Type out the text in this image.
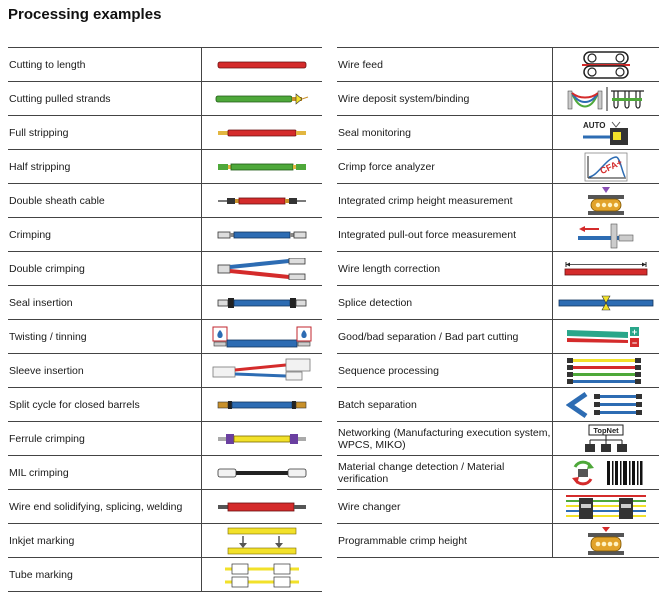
Processing examples
Cutting to length
Cutting pulled strands
Full stripping
Half stripping
Double sheath cable
Crimping
Double crimping
Seal insertion
Twisting / tinning
Sleeve insertion
Split cycle for closed barrels
Ferrule crimping
MIL crimping
Wire end solidifying, splicing, welding
Inkjet marking
Tube marking
Wire feed
Wire deposit system/binding
Seal monitoring
AUTO
Crimp force analyzer	CFA+
Integrated crimp height measurement
Integrated pull-out force measurement
Wire length correction
Splice detection
Good/bad separation / Bad part cutting	+
−
Sequence processing
Batch separation
Networking (Manufacturing execution system, WPCS, MIKO)
TopNet
Material change detection / Material verification
Wire changer
Programmable crimp height
